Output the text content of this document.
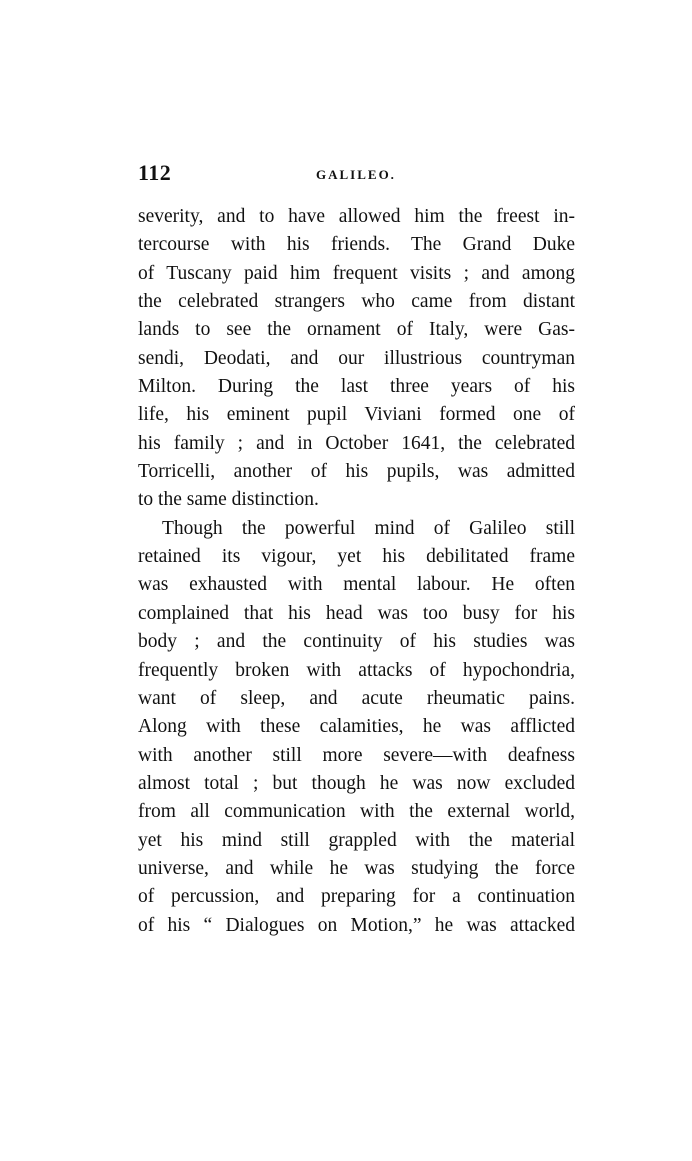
112	GALILEO.
severity, and to have allowed him the freest in-
tercourse with his friends. The Grand Duke
of Tuscany paid him frequent visits ; and among
the celebrated strangers who came from distant
lands to see the ornament of Italy, were Gas-
sendi, Deodati, and our illustrious countryman
Milton. During the last three years of his
life, his eminent pupil Viviani formed one of
his family ; and in October 1641, the celebrated
Torricelli, another of his pupils, was admitted
to the same distinction.
Though the powerful mind of Galileo still
retained its vigour, yet his debilitated frame
was exhausted with mental labour. He often
complained that his head was too busy for his
body ; and the continuity of his studies was
frequently broken with attacks of hypochondria,
want of sleep, and acute rheumatic pains.
Along with these calamities, he was afflicted
with another still more severe—with deafness
almost total ; but though he was now excluded
from all communication with the external world,
yet his mind still grappled with the material
universe, and while he was studying the force
of percussion, and preparing for a continuation
of his “ Dialogues on Motion,” he was attacked
